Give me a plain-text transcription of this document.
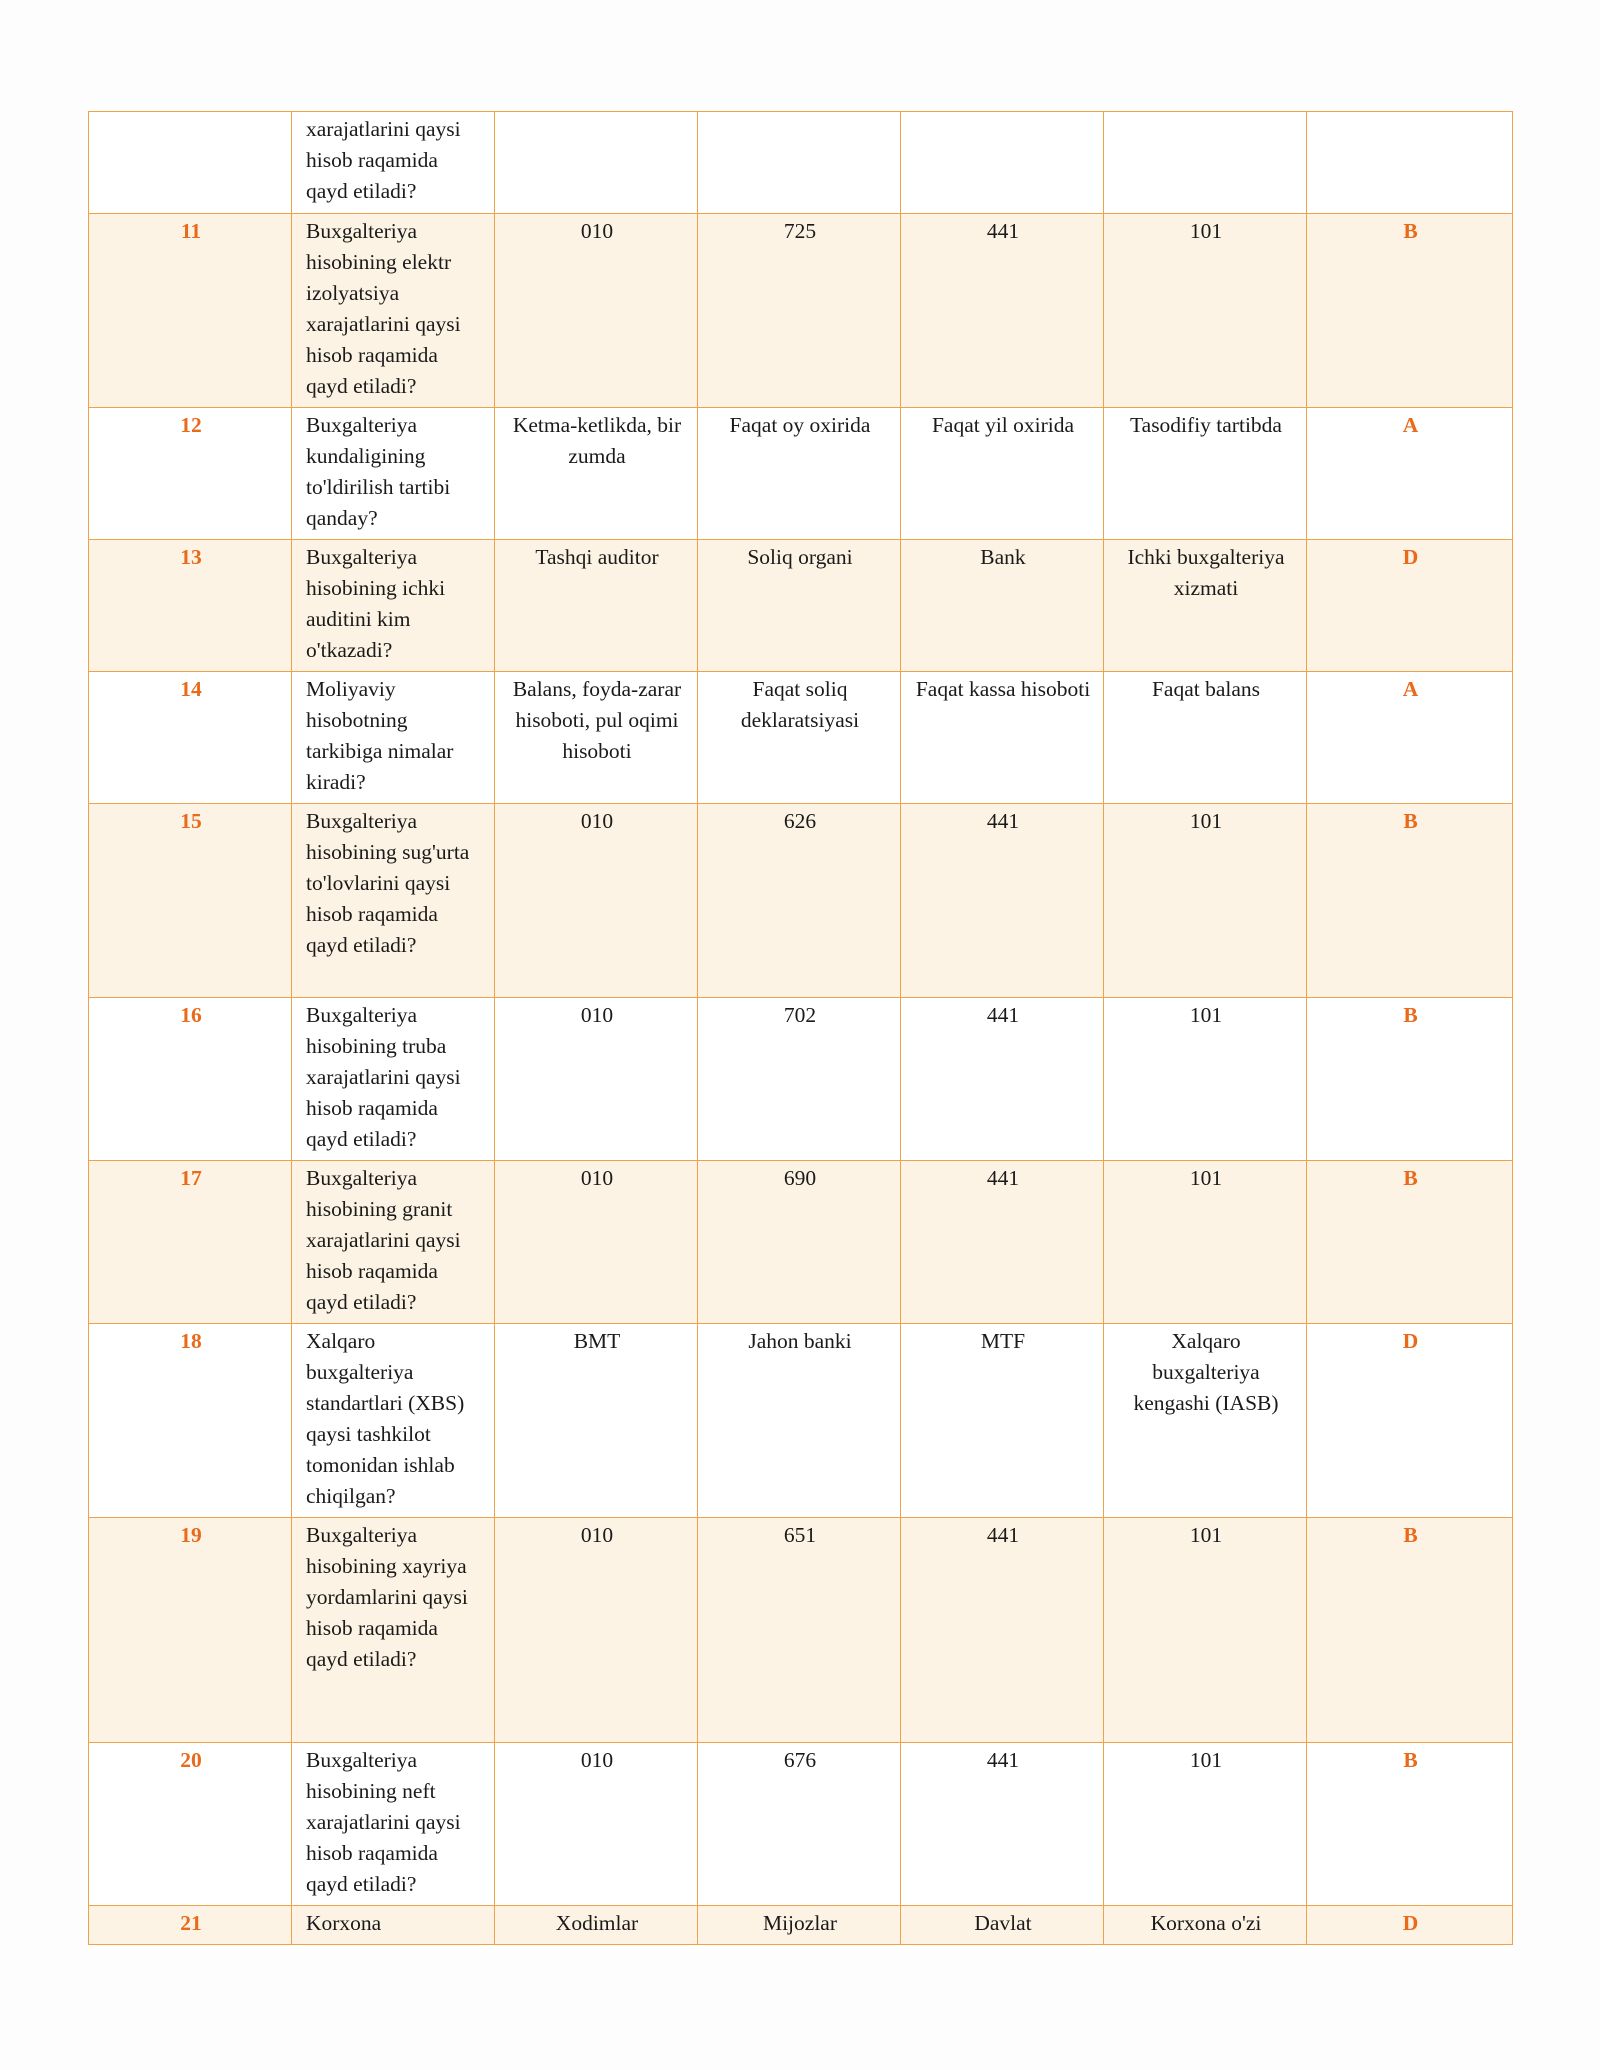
	xarajatlarini qaysi hisob raqamida qayd etiladi?					
11	Buxgalteriya hisobining elektr izolyatsiya xarajatlarini qaysi hisob raqamida qayd etiladi?	010	725	441	101	B
12	Buxgalteriya kundaligining to'ldirilish tartibi qanday?	Ketma-ketlikda, bir zumda	Faqat oy oxirida	Faqat yil oxirida	Tasodifiy tartibda	A
13	Buxgalteriya hisobining ichki auditini kim o'tkazadi?	Tashqi auditor	Soliq organi	Bank	Ichki buxgalteriya xizmati	D
14	Moliyaviy hisobotning tarkibiga nimalar kiradi?	Balans, foyda-zarar hisoboti, pul oqimi hisoboti	Faqat soliq deklaratsiyasi	Faqat kassa hisoboti	Faqat balans	A
15	Buxgalteriya hisobining sug'urta to'lovlarini qaysi hisob raqamida qayd etiladi?	010	626	441	101	B
16	Buxgalteriya hisobining truba xarajatlarini qaysi hisob raqamida qayd etiladi?	010	702	441	101	B
17	Buxgalteriya hisobining granit xarajatlarini qaysi hisob raqamida qayd etiladi?	010	690	441	101	B
18	Xalqaro buxgalteriya standartlari (XBS) qaysi tashkilot tomonidan ishlab chiqilgan?	BMT	Jahon banki	MTF	Xalqaro buxgalteriya kengashi (IASB)	D
19	Buxgalteriya hisobining xayriya yordamlarini qaysi hisob raqamida qayd etiladi?	010	651	441	101	B
20	Buxgalteriya hisobining neft xarajatlarini qaysi hisob raqamida qayd etiladi?	010	676	441	101	B
21	Korxona	Xodimlar	Mijozlar	Davlat	Korxona o'zi	D
